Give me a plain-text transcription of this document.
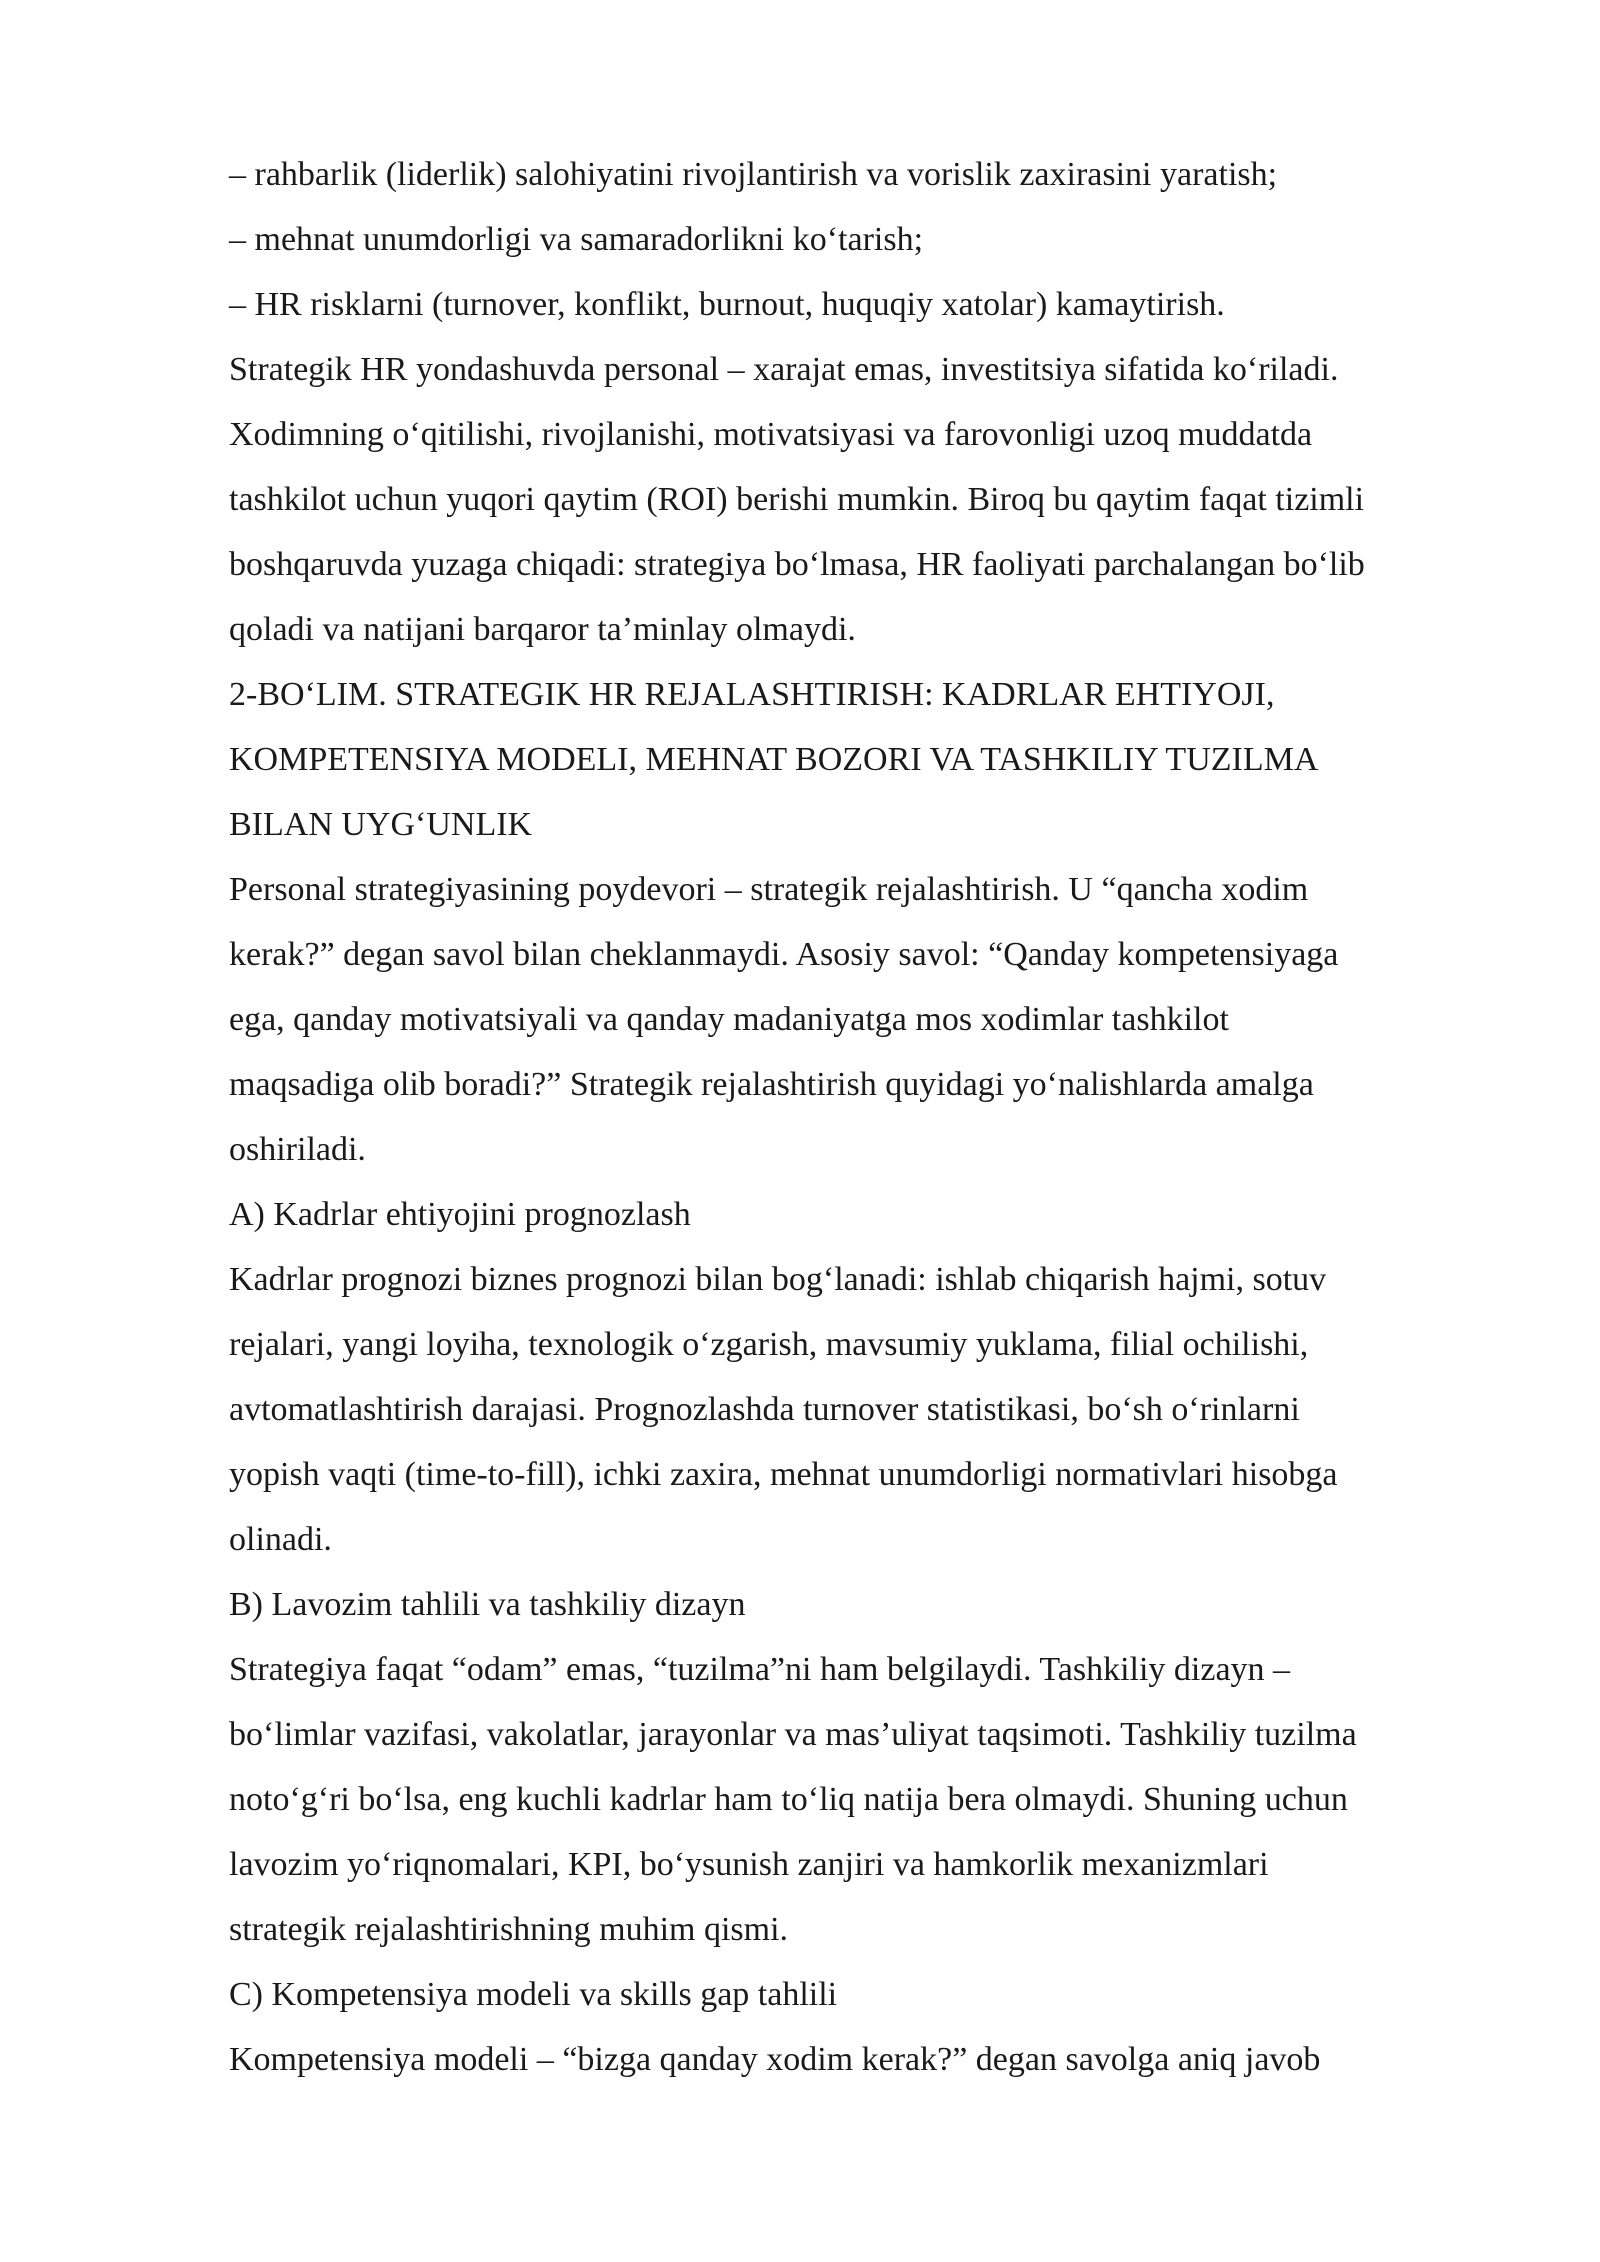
– rahbarlik (liderlik) salohiyatini rivojlantirish va vorislik zaxirasini yaratish;
– mehnat unumdorligi va samaradorlikni ko‘tarish;
– HR risklarni (turnover, konflikt, burnout, huquqiy xatolar) kamaytirish.
Strategik HR yondashuvda personal – xarajat emas, investitsiya sifatida ko‘riladi.
Xodimning o‘qitilishi, rivojlanishi, motivatsiyasi va farovonligi uzoq muddatda
tashkilot uchun yuqori qaytim (ROI) berishi mumkin. Biroq bu qaytim faqat tizimli
boshqaruvda yuzaga chiqadi: strategiya bo‘lmasa, HR faoliyati parchalangan bo‘lib
qoladi va natijani barqaror ta’minlay olmaydi.
2-BO‘LIM. STRATEGIK HR REJALASHTIRISH: KADRLAR EHTIYOJI,
KOMPETENSIYA MODELI, MEHNAT BOZORI VA TASHKILIY TUZILMA
BILAN UYG‘UNLIK
Personal strategiyasining poydevori – strategik rejalashtirish. U “qancha xodim
kerak?” degan savol bilan cheklanmaydi. Asosiy savol: “Qanday kompetensiyaga
ega, qanday motivatsiyali va qanday madaniyatga mos xodimlar tashkilot
maqsadiga olib boradi?” Strategik rejalashtirish quyidagi yo‘nalishlarda amalga
oshiriladi.
A) Kadrlar ehtiyojini prognozlash
Kadrlar prognozi biznes prognozi bilan bog‘lanadi: ishlab chiqarish hajmi, sotuv
rejalari, yangi loyiha, texnologik o‘zgarish, mavsumiy yuklama, filial ochilishi,
avtomatlashtirish darajasi. Prognozlashda turnover statistikasi, bo‘sh o‘rinlarni
yopish vaqti (time-to-fill), ichki zaxira, mehnat unumdorligi normativlari hisobga
olinadi.
B) Lavozim tahlili va tashkiliy dizayn
Strategiya faqat “odam” emas, “tuzilma”ni ham belgilaydi. Tashkiliy dizayn –
bo‘limlar vazifasi, vakolatlar, jarayonlar va mas’uliyat taqsimoti. Tashkiliy tuzilma
noto‘g‘ri bo‘lsa, eng kuchli kadrlar ham to‘liq natija bera olmaydi. Shuning uchun
lavozim yo‘riqnomalari, KPI, bo‘ysunish zanjiri va hamkorlik mexanizmlari
strategik rejalashtirishning muhim qismi.
C) Kompetensiya modeli va skills gap tahlili
Kompetensiya modeli – “bizga qanday xodim kerak?” degan savolga aniq javob
